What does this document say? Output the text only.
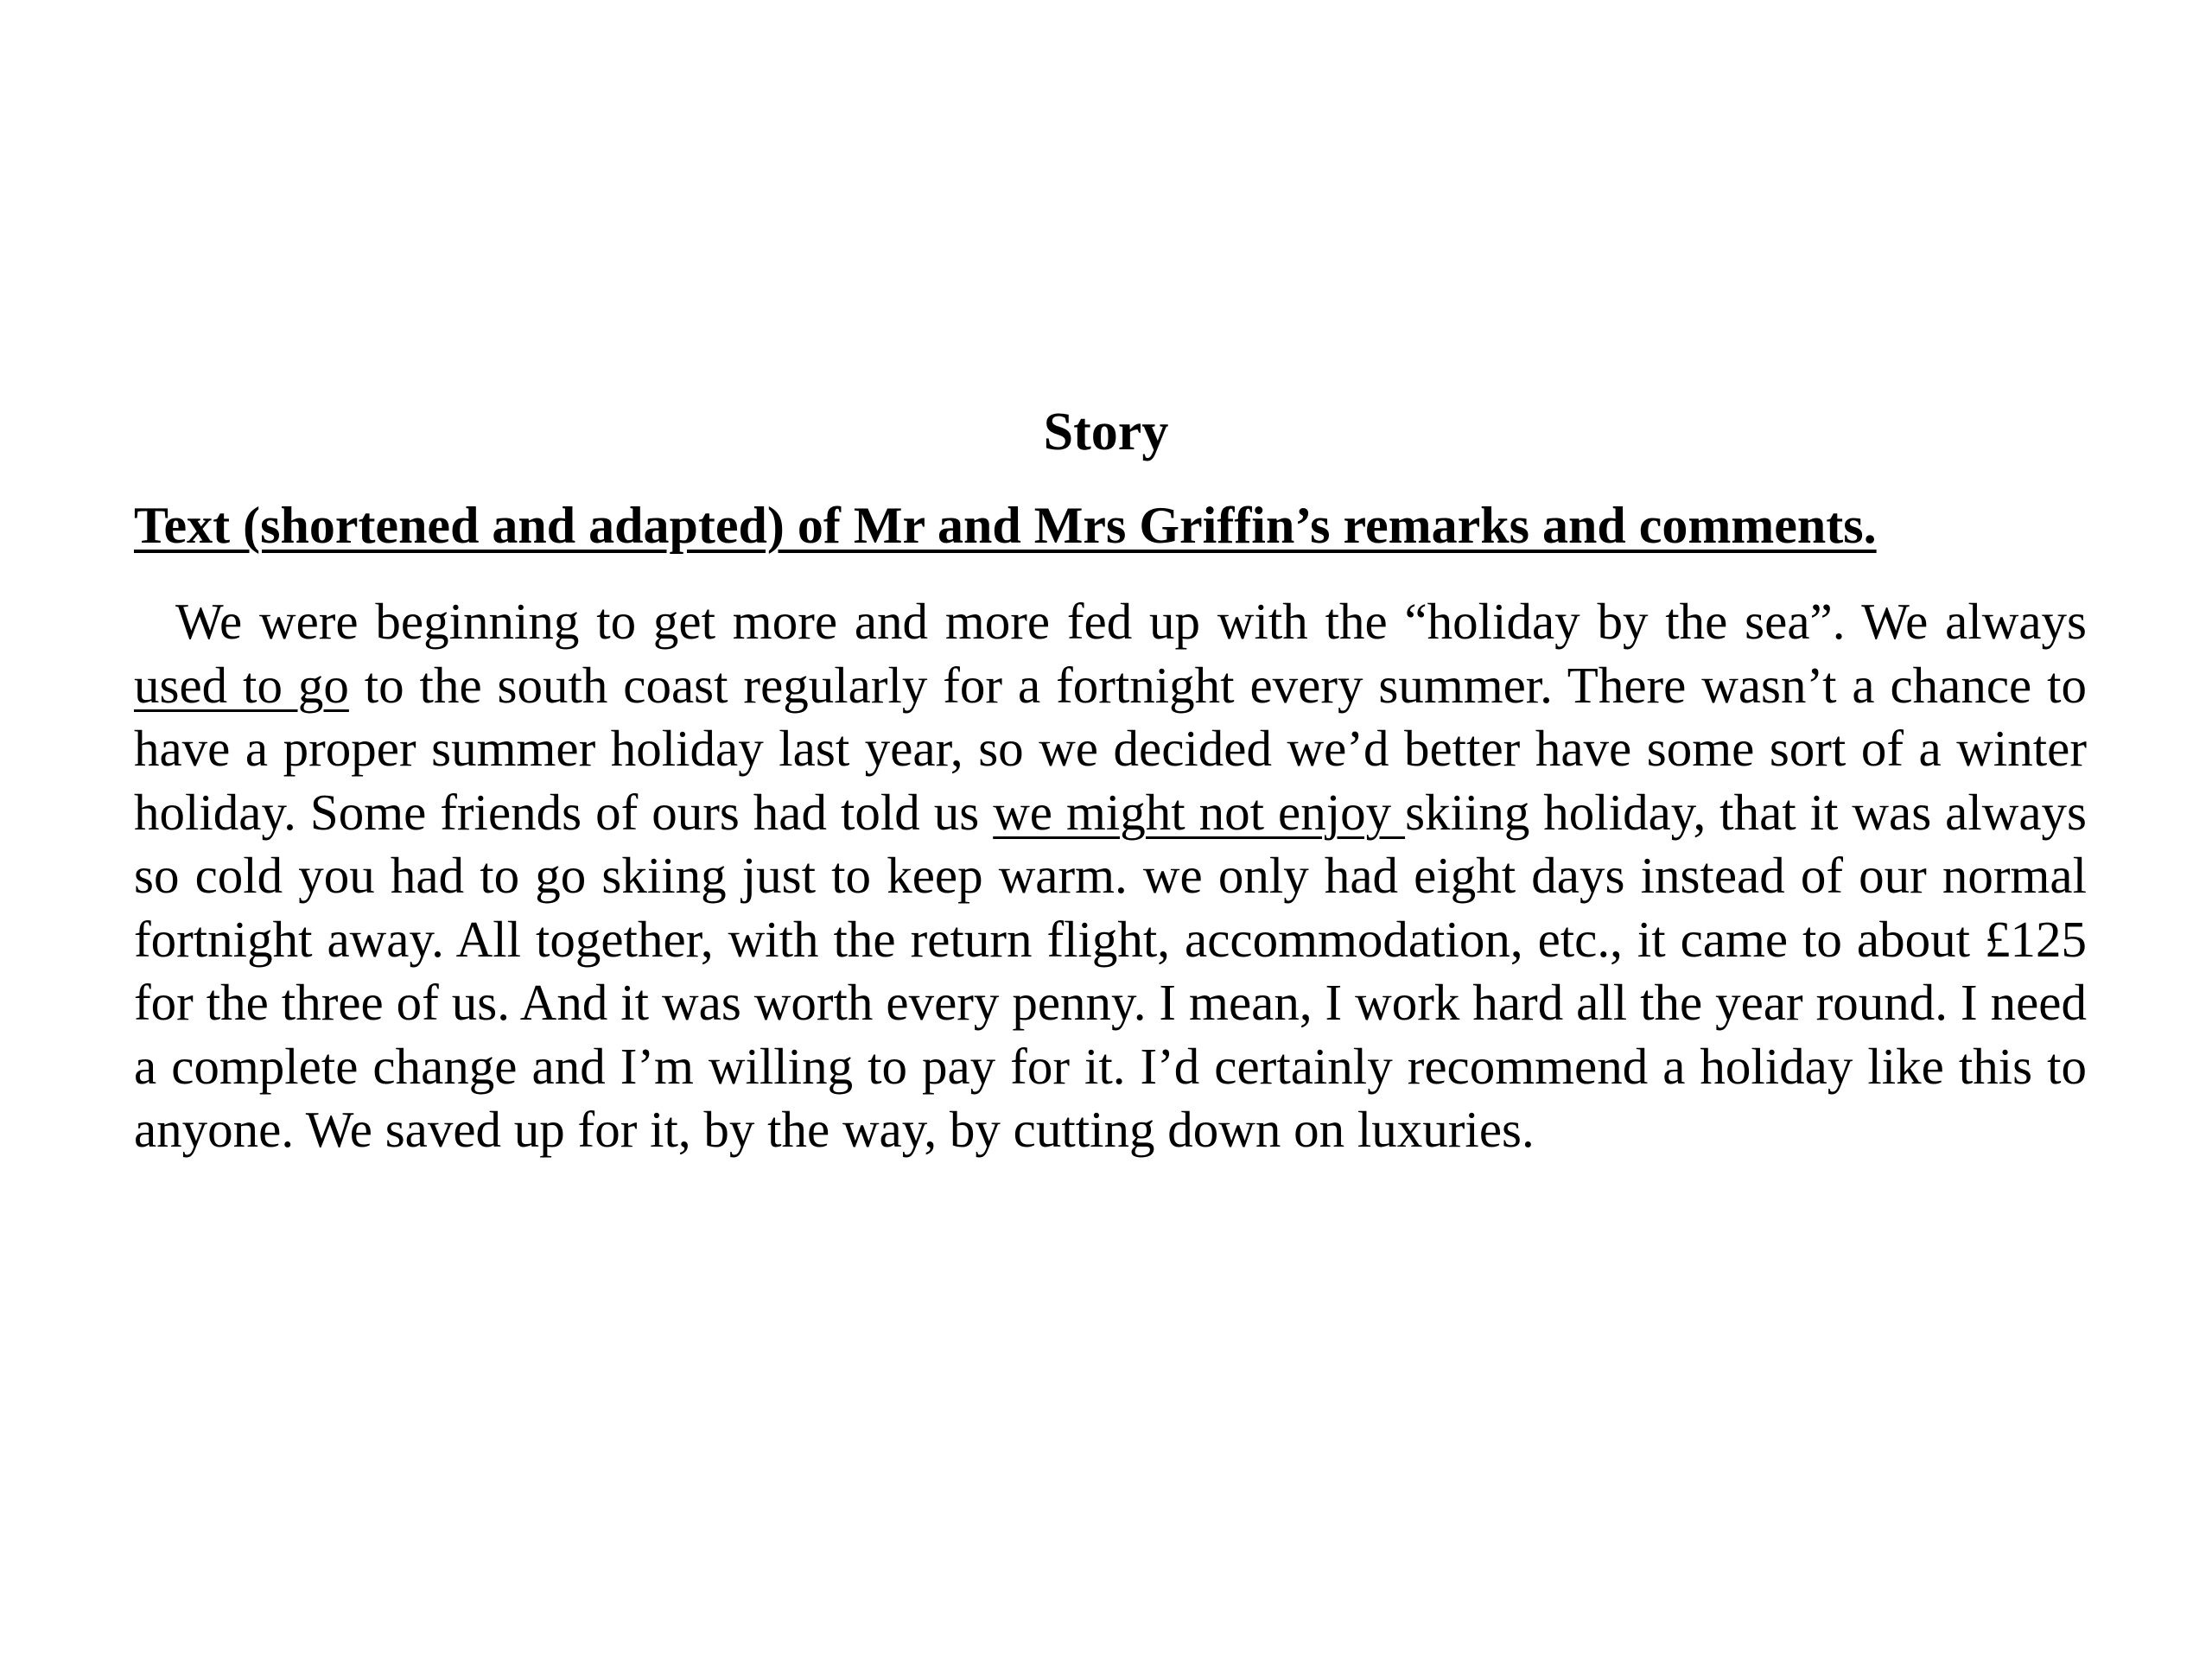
Story
Text (shortened and adapted) of Mr and Mrs Griffin’s remarks and comments.

We were beginning to get more and more fed up with the “holiday by the sea”. We always used to go to the south coast regularly for a fortnight every summer. There wasn’t a chance to have a proper summer holiday last year, so we decided we’d better have some sort of a winter holiday. Some friends of ours had told us we might not enjoy skiing holiday, that it was always so cold you had to go skiing just to keep warm. we only had eight days instead of our normal fortnight away. All together, with the return flight, accommodation, etc., it came to about £125 for the three of us. And it was worth every penny. I mean, I work hard all the year round. I need a complete change and I’m willing to pay for it. I’d certainly recommend a holiday like this to anyone. We saved up for it, by the way, by cutting down on luxuries.
